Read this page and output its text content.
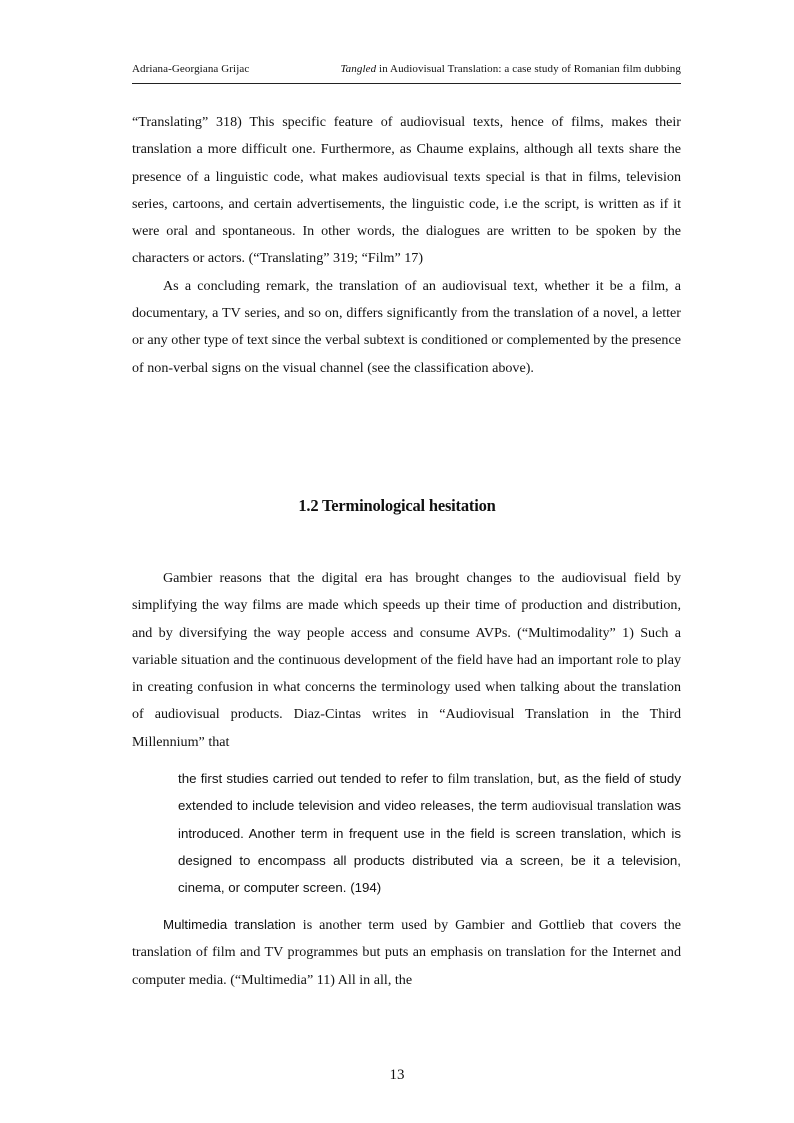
Adriana-Georgiana Grijac	Tangled in Audiovisual Translation: a case study of Romanian film dubbing

“Translating” 318) This specific feature of audiovisual texts, hence of films, makes their translation a more difficult one. Furthermore, as Chaume explains, although all texts share the presence of a linguistic code, what makes audiovisual texts special is that in films, television series, cartoons, and certain advertisements, the linguistic code, i.e the script, is written as if it were oral and spontaneous. In other words, the dialogues are written to be spoken by the characters or actors. (“Translating” 319; “Film” 17)

As a concluding remark, the translation of an audiovisual text, whether it be a film, a documentary, a TV series, and so on, differs significantly from the translation of a novel, a letter or any other type of text since the verbal subtext is conditioned or complemented by the presence of non-verbal signs on the visual channel (see the classification above).

1.2 Terminological hesitation
Gambier reasons that the digital era has brought changes to the audiovisual field by simplifying the way films are made which speeds up their time of production and distribution, and by diversifying the way people access and consume AVPs. (“Multimodality” 1) Such a variable situation and the continuous development of the field have had an important role to play in creating confusion in what concerns the terminology used when talking about the translation of audiovisual products. Diaz-Cintas writes in “Audiovisual Translation in the Third Millennium” that

the first studies carried out tended to refer to film translation, but, as the field of study extended to include television and video releases, the term audiovisual translation was introduced. Another term in frequent use in the field is screen translation, which is designed to encompass all products distributed via a screen, be it a television, cinema, or computer screen. (194)

Multimedia translation is another term used by Gambier and Gottlieb that covers the translation of film and TV programmes but puts an emphasis on translation for the Internet and computer media. (“Multimedia” 11) All in all, the
13
